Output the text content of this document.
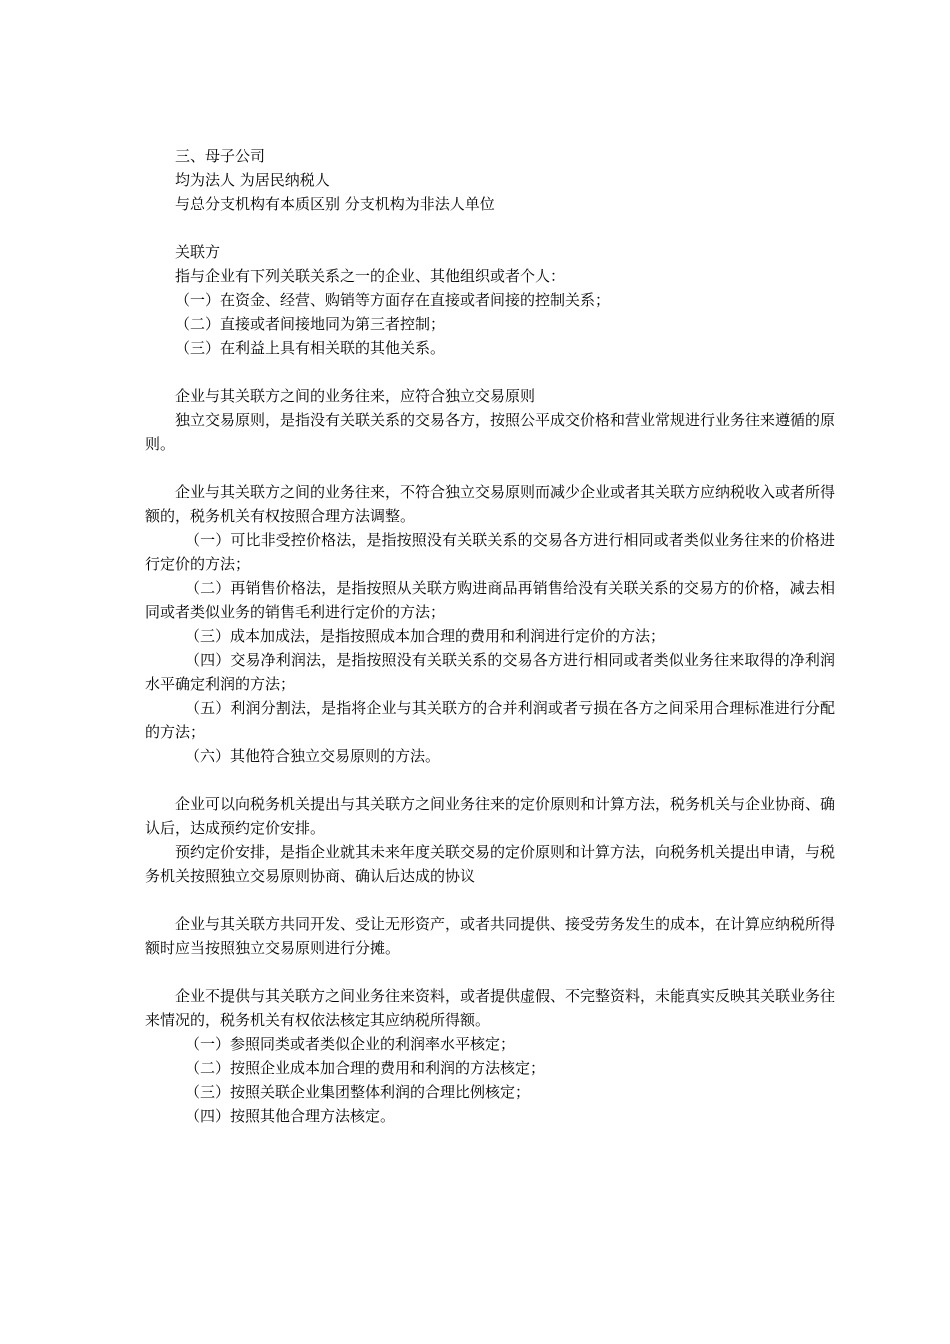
三、母子公司

均为法人 为居民纳税人

与总分支机构有本质区别 分支机构为非法人单位

关联方

指与企业有下列关联关系之一的企业、其他组织或者个人：

（一）在资金、经营、购销等方面存在直接或者间接的控制关系；

（二）直接或者间接地同为第三者控制；

（三）在利益上具有相关联的其他关系。

企业与其关联方之间的业务往来，应符合独立交易原则

独立交易原则，是指没有关联关系的交易各方，按照公平成交价格和营业常规进行业务往来遵循的原则。

企业与其关联方之间的业务往来，不符合独立交易原则而减少企业或者其关联方应纳税收入或者所得额的，税务机关有权按照合理方法调整。

（一）可比非受控价格法，是指按照没有关联关系的交易各方进行相同或者类似业务往来的价格进行定价的方法；

（二）再销售价格法，是指按照从关联方购进商品再销售给没有关联关系的交易方的价格，减去相同或者类似业务的销售毛利进行定价的方法；

（三）成本加成法，是指按照成本加合理的费用和利润进行定价的方法；

（四）交易净利润法，是指按照没有关联关系的交易各方进行相同或者类似业务往来取得的净利润水平确定利润的方法；

（五）利润分割法，是指将企业与其关联方的合并利润或者亏损在各方之间采用合理标准进行分配的方法；

（六）其他符合独立交易原则的方法。

企业可以向税务机关提出与其关联方之间业务往来的定价原则和计算方法，税务机关与企业协商、确认后，达成预约定价安排。

预约定价安排，是指企业就其未来年度关联交易的定价原则和计算方法，向税务机关提出申请，与税务机关按照独立交易原则协商、确认后达成的协议

企业与其关联方共同开发、受让无形资产，或者共同提供、接受劳务发生的成本，在计算应纳税所得额时应当按照独立交易原则进行分摊。

企业不提供与其关联方之间业务往来资料，或者提供虚假、不完整资料，未能真实反映其关联业务往来情况的，税务机关有权依法核定其应纳税所得额。

（一）参照同类或者类似企业的利润率水平核定；

（二）按照企业成本加合理的费用和利润的方法核定；

（三）按照关联企业集团整体利润的合理比例核定；

（四）按照其他合理方法核定。
